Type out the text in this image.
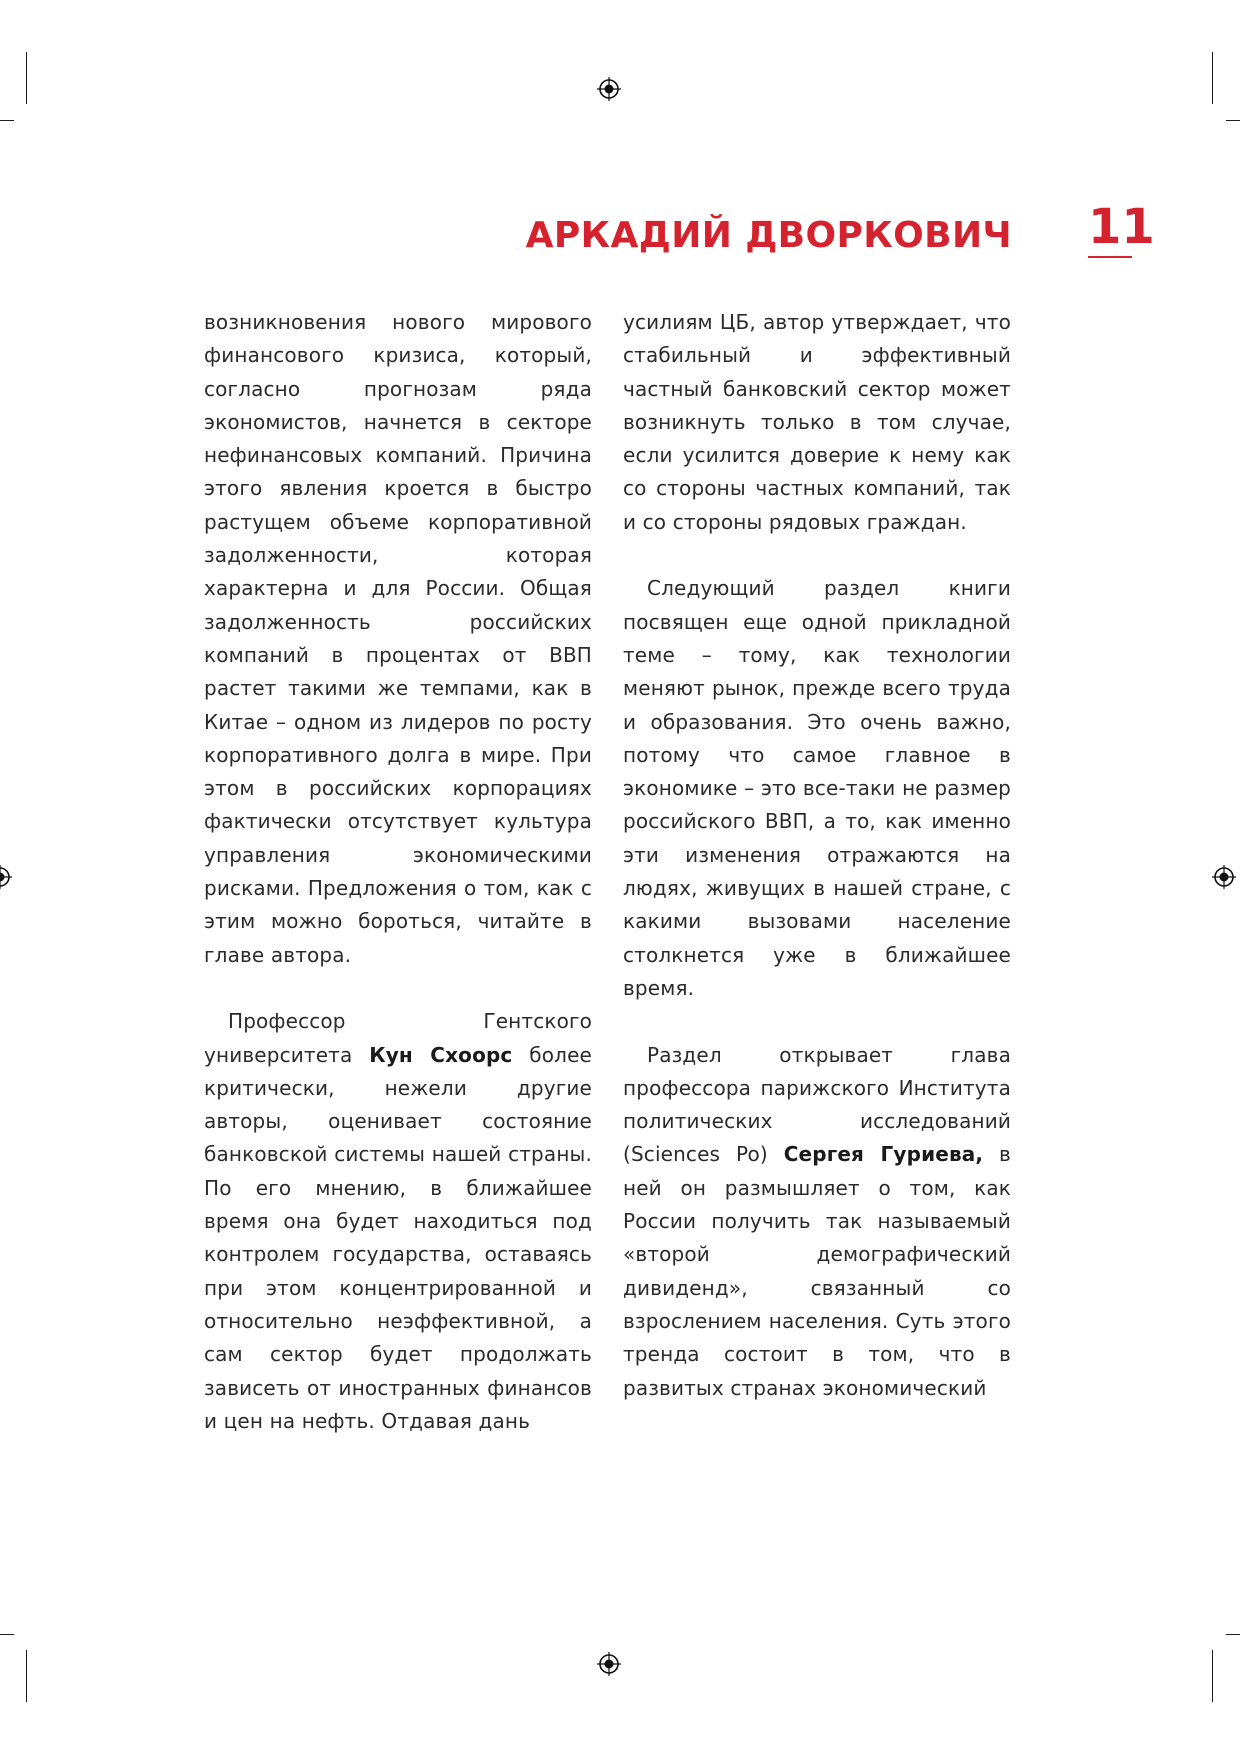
АРКАДИЙ ДВОРКОВИЧ 11

возникновения нового мирового финансового кризиса, который, согласно прогнозам ряда экономистов, начнется в секторе нефинансовых компаний. Причина этого явления кроется в быстро растущем объеме корпоративной задолженности, которая характерна и для России. Общая задолженность российских компаний в процентах от ВВП растет такими же темпами, как в Китае – одном из лидеров по росту корпоративного долга в мире. При этом в российских корпорациях фактически отсутствует культура управления экономическими рисками. Предложения о том, как с этим можно бороться, читайте в главе автора.

Профессор Гентского университета Кун Схоорс более критически, нежели другие авторы, оценивает состояние банковской системы нашей страны. По его мнению, в ближайшее время она будет находиться под контролем государства, оставаясь при этом концентрированной и относительно неэффективной, а сам сектор будет продолжать зависеть от иностранных финансов и цен на нефть. Отдавая дань

усилиям ЦБ, автор утверждает, что стабильный и эффективный частный банковский сектор может возникнуть только в том случае, если усилится доверие к нему как со стороны частных компаний, так и со стороны рядовых граждан.

Следующий раздел книги посвящен еще одной прикладной теме – тому, как технологии меняют рынок, прежде всего труда и образования. Это очень важно, потому что самое главное в экономике – это все-таки не размер российского ВВП, а то, как именно эти изменения отражаются на людях, живущих в нашей стране, с какими вызовами население столкнется уже в ближайшее время.

Раздел открывает глава профессора парижского Института политических исследований (Sciences Po) Сергея Гуриева, в ней он размышляет о том, как России получить так называемый «второй демографический дивиденд», связанный со взрослением населения. Суть этого тренда состоит в том, что в развитых странах экономический
